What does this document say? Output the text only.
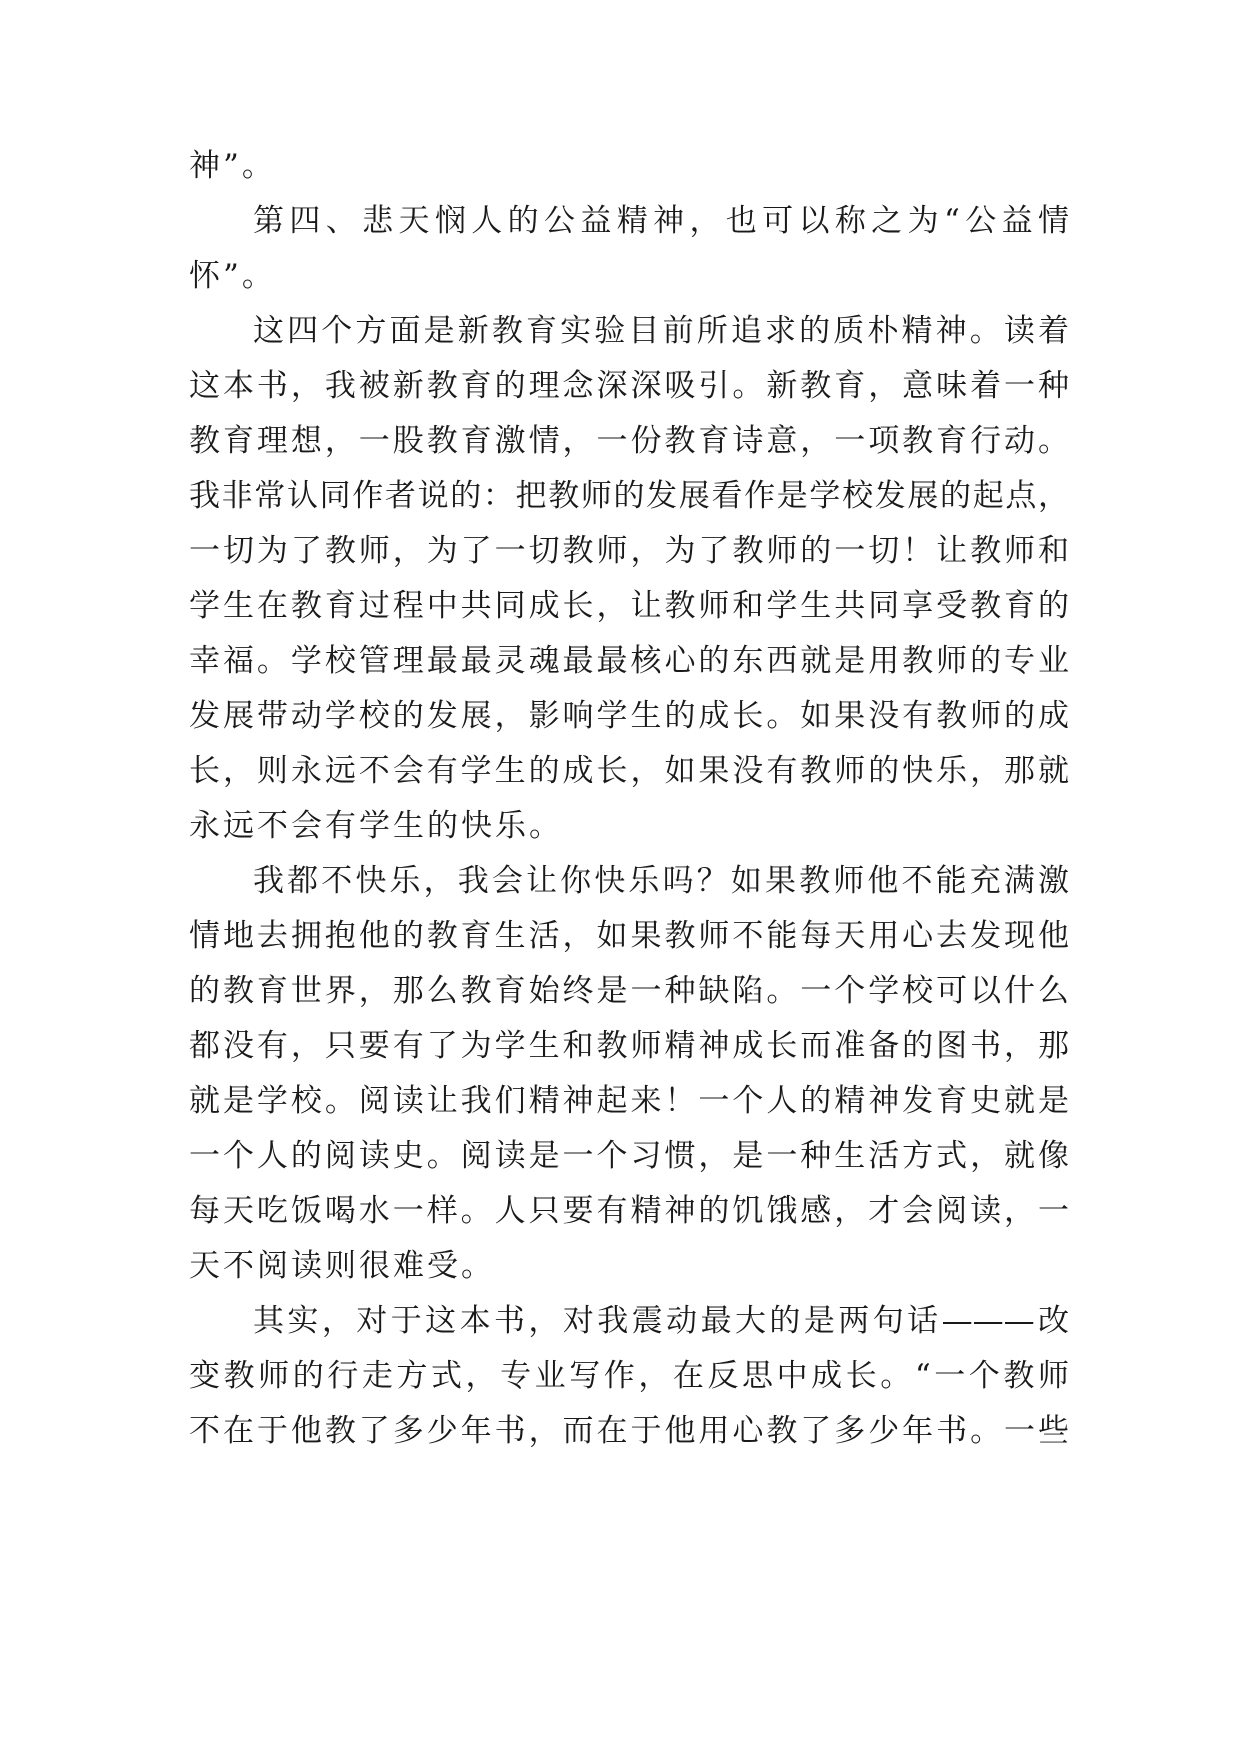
神”。
第四、悲天悯人的公益精神，也可以称之为“公益情
怀”。
这四个方面是新教育实验目前所追求的质朴精神。读着
这本书，我被新教育的理念深深吸引。新教育，意味着一种
教育理想，一股教育激情，一份教育诗意，一项教育行动。
我非常认同作者说的：把教师的发展看作是学校发展的起点，
一切为了教师，为了一切教师，为了教师的一切！让教师和
学生在教育过程中共同成长，让教师和学生共同享受教育的
幸福。学校管理最最灵魂最最核心的东西就是用教师的专业
发展带动学校的发展，影响学生的成长。如果没有教师的成
长，则永远不会有学生的成长，如果没有教师的快乐，那就
永远不会有学生的快乐。
我都不快乐，我会让你快乐吗？如果教师他不能充满激
情地去拥抱他的教育生活，如果教师不能每天用心去发现他
的教育世界，那么教育始终是一种缺陷。一个学校可以什么
都没有，只要有了为学生和教师精神成长而准备的图书，那
就是学校。阅读让我们精神起来！一个人的精神发育史就是
一个人的阅读史。阅读是一个习惯，是一种生活方式，就像
每天吃饭喝水一样。人只要有精神的饥饿感，才会阅读，一
天不阅读则很难受。
其实，对于这本书，对我震动最大的是两句话———改
变教师的行走方式，专业写作，在反思中成长。“一个教师
不在于他教了多少年书，而在于他用心教了多少年书。一些
